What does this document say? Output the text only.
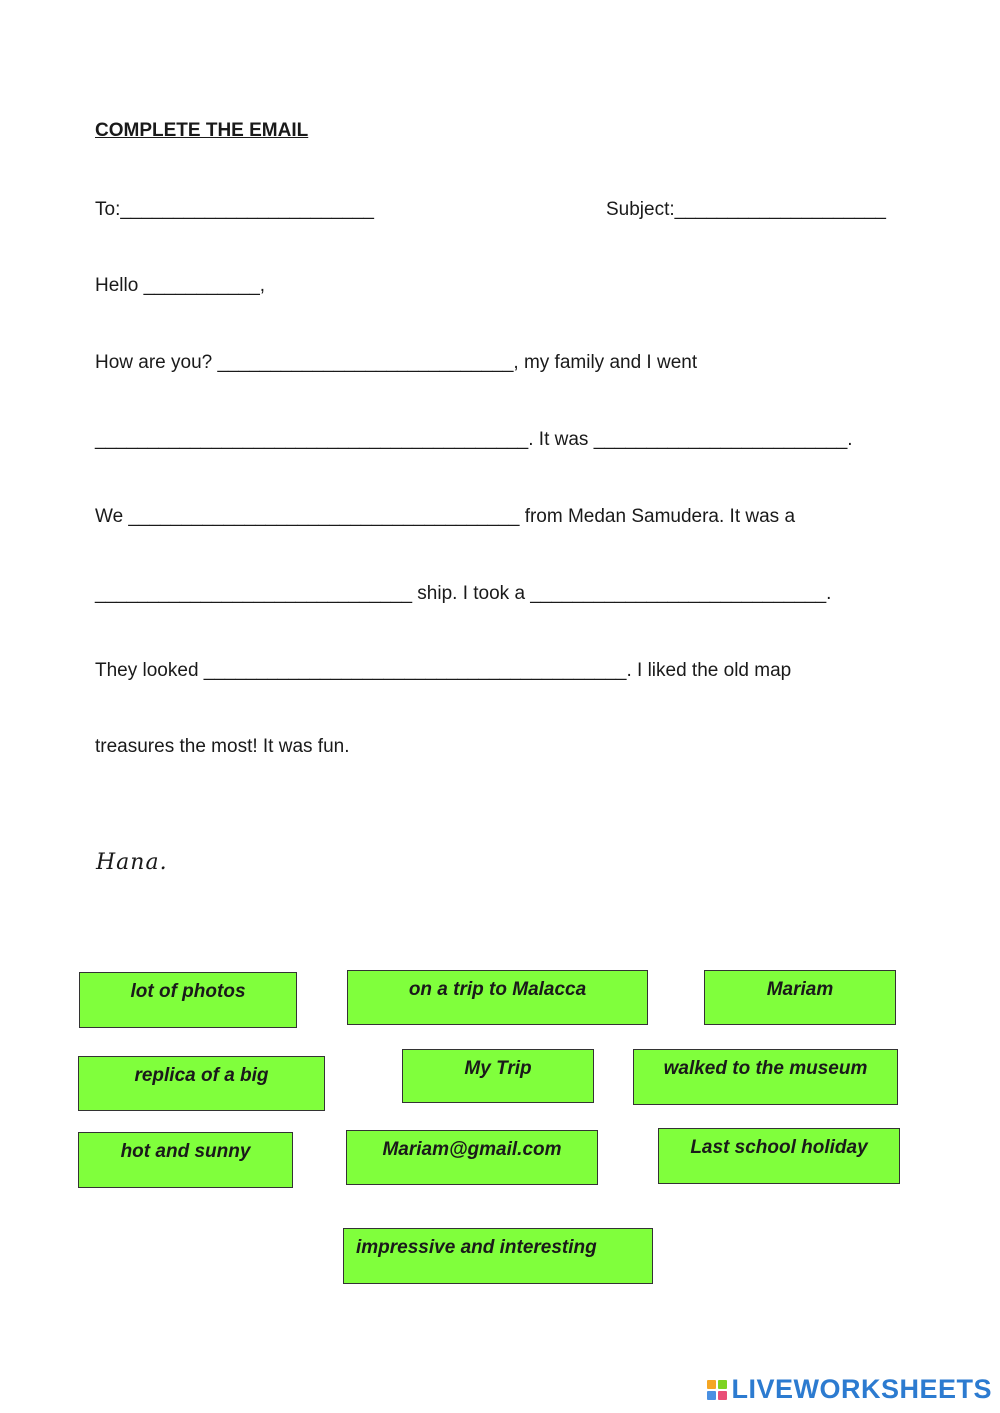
COMPLETE THE EMAIL
To:________________________	Subject:____________________
Hello ___________,
How are you? ____________________________, my family and I went
_________________________________________. It was ________________________.
We _____________________________________ from Medan Samudera. It was a
______________________________ ship. I took a ____________________________.
They looked ________________________________________. I liked the old map
treasures the most! It was fun.
Hana.
lot of photos	on a trip to Malacca	Mariam
replica of a big	My Trip	walked to the museum
hot and sunny	Mariam@gmail.com	Last school holiday
impressive and interesting
LIVEWORKSHEETS
